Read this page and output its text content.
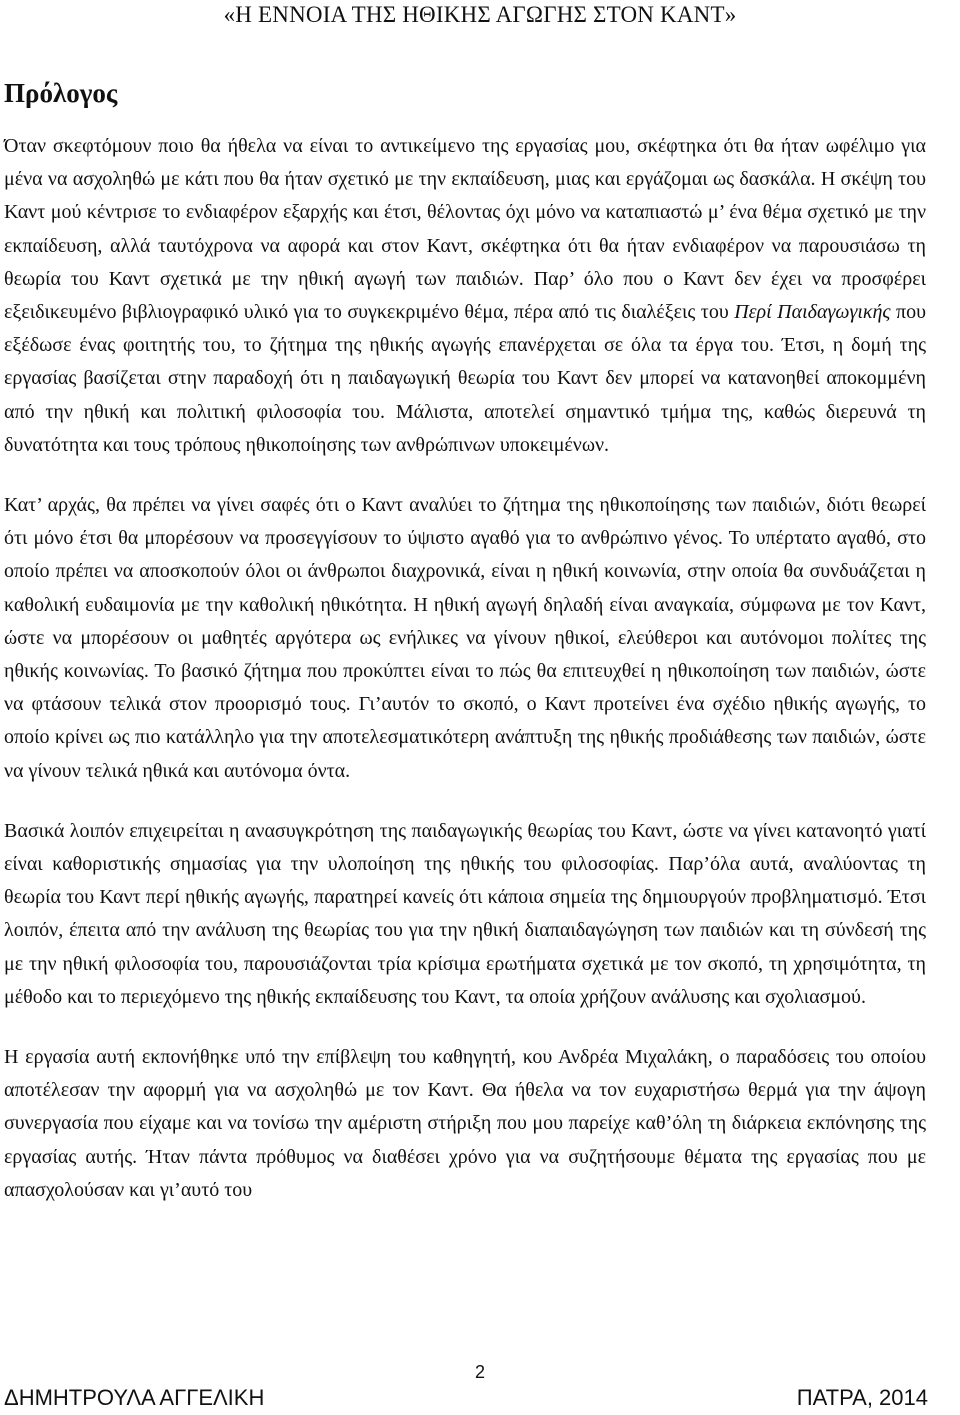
«Η ΕΝΝΟΙΑ ΤΗΣ ΗΘΙΚΗΣ ΑΓΩΓΗΣ ΣΤΟΝ ΚΑΝΤ»
Πρόλογος

Όταν σκεφτόμουν ποιο θα ήθελα να είναι το αντικείμενο της εργασίας μου, σκέφτηκα ότι θα ήταν ωφέλιμο για μένα να ασχοληθώ με κάτι που θα ήταν σχετικό με την εκπαίδευση, μιας και εργάζομαι ως δασκάλα. Η σκέψη του Καντ μού κέντρισε το ενδιαφέρον εξαρχής και έτσι, θέλοντας όχι μόνο να καταπιαστώ μ’ ένα θέμα σχετικό με την εκπαίδευση, αλλά ταυτόχρονα να αφορά και στον Καντ, σκέφτηκα ότι θα ήταν ενδιαφέρον να παρουσιάσω τη θεωρία του Καντ σχετικά με την ηθική αγωγή των παιδιών. Παρ’ όλο που ο Καντ δεν έχει να προσφέρει εξειδικευμένο βιβλιογραφικό υλικό για το συγκεκριμένο θέμα, πέρα από τις διαλέξεις του Περί Παιδαγωγικής που εξέδωσε ένας φοιτητής του, το ζήτημα της ηθικής αγωγής επανέρχεται σε όλα τα έργα του. Έτσι, η δομή της εργασίας βασίζεται στην παραδοχή ότι η παιδαγωγική θεωρία του Καντ δεν μπορεί να κατανοηθεί αποκομμένη από την ηθική και πολιτική φιλοσοφία του. Μάλιστα, αποτελεί σημαντικό τμήμα της, καθώς διερευνά τη δυνατότητα και τους τρόπους ηθικοποίησης των ανθρώπινων υποκειμένων.

Κατ’ αρχάς, θα πρέπει να γίνει σαφές ότι ο Καντ αναλύει το ζήτημα της ηθικοποίησης των παιδιών, διότι θεωρεί ότι μόνο έτσι θα μπορέσουν να προσεγγίσουν το ύψιστο αγαθό για το ανθρώπινο γένος. Το υπέρτατο αγαθό, στο οποίο πρέπει να αποσκοπούν όλοι οι άνθρωποι διαχρονικά, είναι η ηθική κοινωνία, στην οποία θα συνδυάζεται η καθολική ευδαιμονία με την καθολική ηθικότητα. Η ηθική αγωγή δηλαδή είναι αναγκαία, σύμφωνα με τον Καντ, ώστε να μπορέσουν οι μαθητές αργότερα ως ενήλικες να γίνουν ηθικοί, ελεύθεροι και αυτόνομοι πολίτες της ηθικής κοινωνίας. Το βασικό ζήτημα που προκύπτει είναι το πώς θα επιτευχθεί η ηθικοποίηση των παιδιών, ώστε να φτάσουν τελικά στον προορισμό τους. Γι’αυτόν το σκοπό, ο Καντ προτείνει ένα σχέδιο ηθικής αγωγής, το οποίο κρίνει ως πιο κατάλληλο για την αποτελεσματικότερη ανάπτυξη της ηθικής προδιάθεσης των παιδιών, ώστε να γίνουν τελικά ηθικά και αυτόνομα όντα.

Βασικά λοιπόν επιχειρείται η ανασυγκρότηση της παιδαγωγικής θεωρίας του Καντ, ώστε να γίνει κατανοητό γιατί είναι καθοριστικής σημασίας για την υλοποίηση της ηθικής του φιλοσοφίας. Παρ’όλα αυτά, αναλύοντας τη θεωρία του Καντ περί ηθικής αγωγής, παρατηρεί κανείς ότι κάποια σημεία της δημιουργούν προβληματισμό. Έτσι λοιπόν, έπειτα από την ανάλυση της θεωρίας του για την ηθική διαπαιδαγώγηση των παιδιών και τη σύνδεσή της με την ηθική φιλοσοφία του, παρουσιάζονται τρία κρίσιμα ερωτήματα σχετικά με τον σκοπό, τη χρησιμότητα, τη μέθοδο και το περιεχόμενο της ηθικής εκπαίδευσης του Καντ, τα οποία χρήζουν ανάλυσης και σχολιασμού.

Η εργασία αυτή εκπονήθηκε υπό την επίβλεψη του καθηγητή, κου Ανδρέα Μιχαλάκη, ο παραδόσεις του οποίου αποτέλεσαν την αφορμή για να ασχοληθώ με τον Καντ. Θα ήθελα να τον ευχαριστήσω θερμά για την άψογη συνεργασία που είχαμε και να τονίσω την αμέριστη στήριξη που μου παρείχε καθ’όλη τη διάρκεια εκπόνησης της εργασίας αυτής. Ήταν πάντα πρόθυμος να διαθέσει χρόνο για να συζητήσουμε θέματα της εργασίας που με απασχολούσαν και γι’αυτό του

2
ΔΗΜΗΤΡΟΥΛΑ ΑΓΓΕΛΙΚΗ	ΠΑΤΡΑ, 2014
